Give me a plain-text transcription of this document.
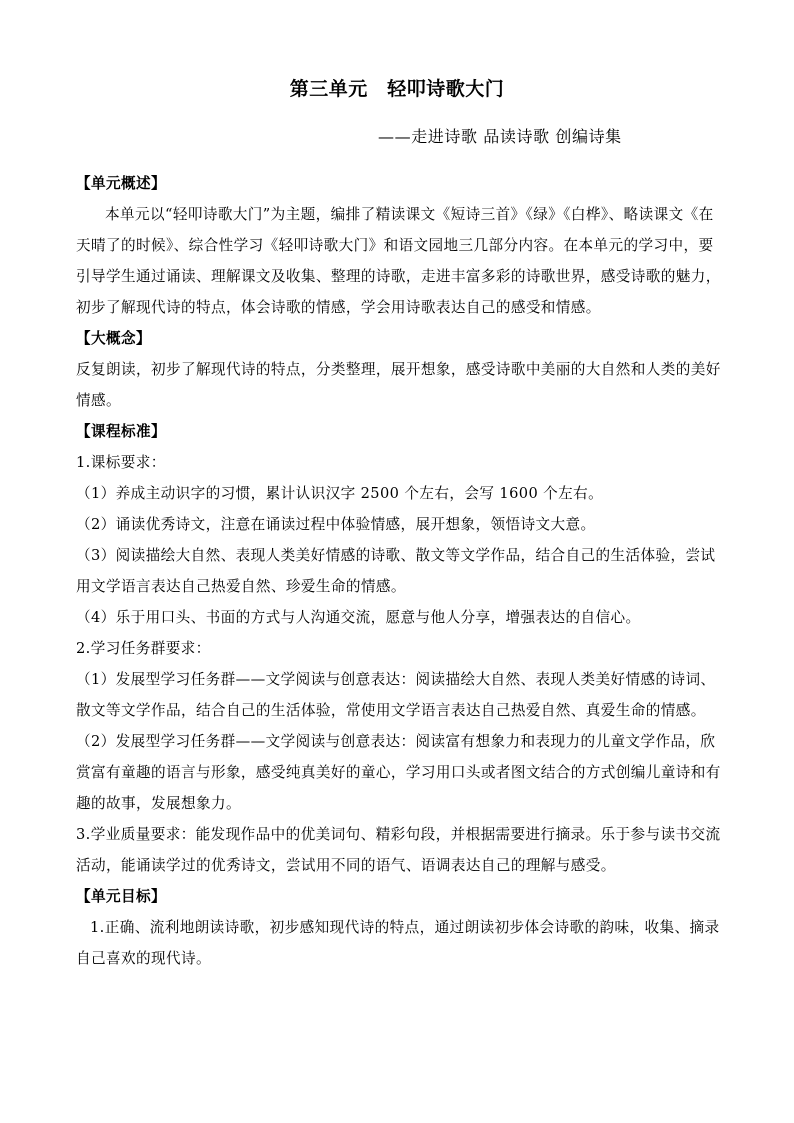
第三单元　轻叩诗歌大门
——走进诗歌 品读诗歌 创编诗集

【单元概述】

本单元以“轻叩诗歌大门”为主题，编排了精读课文《短诗三首》《绿》《白桦》、略读课文《在天晴了的时候》、综合性学习《轻叩诗歌大门》和语文园地三几部分内容。在本单元的学习中，要引导学生通过诵读、理解课文及收集、整理的诗歌，走进丰富多彩的诗歌世界，感受诗歌的魅力，初步了解现代诗的特点，体会诗歌的情感，学会用诗歌表达自己的感受和情感。

【大概念】

反复朗读，初步了解现代诗的特点，分类整理，展开想象，感受诗歌中美丽的大自然和人类的美好情感。

【课程标准】

1.课标要求：

（1）养成主动识字的习惯，累计认识汉字 2500 个左右，会写 1600 个左右。

（2）诵读优秀诗文，注意在诵读过程中体验情感，展开想象，领悟诗文大意。

（3）阅读描绘大自然、表现人类美好情感的诗歌、散文等文学作品，结合自己的生活体验，尝试用文学语言表达自己热爱自然、珍爱生命的情感。

（4）乐于用口头、书面的方式与人沟通交流，愿意与他人分享，增强表达的自信心。

2.学习任务群要求：

（1）发展型学习任务群——文学阅读与创意表达：阅读描绘大自然、表现人类美好情感的诗词、散文等文学作品，结合自己的生活体验，常使用文学语言表达自己热爱自然、真爱生命的情感。

（2）发展型学习任务群——文学阅读与创意表达：阅读富有想象力和表现力的儿童文学作品，欣赏富有童趣的语言与形象，感受纯真美好的童心，学习用口头或者图文结合的方式创编儿童诗和有趣的故事，发展想象力。

3.学业质量要求：能发现作品中的优美词句、精彩句段，并根据需要进行摘录。乐于参与读书交流活动，能诵读学过的优秀诗文，尝试用不同的语气、语调表达自己的理解与感受。

【单元目标】

1.正确、流利地朗读诗歌，初步感知现代诗的特点，通过朗读初步体会诗歌的韵味，收集、摘录自己喜欢的现代诗。
